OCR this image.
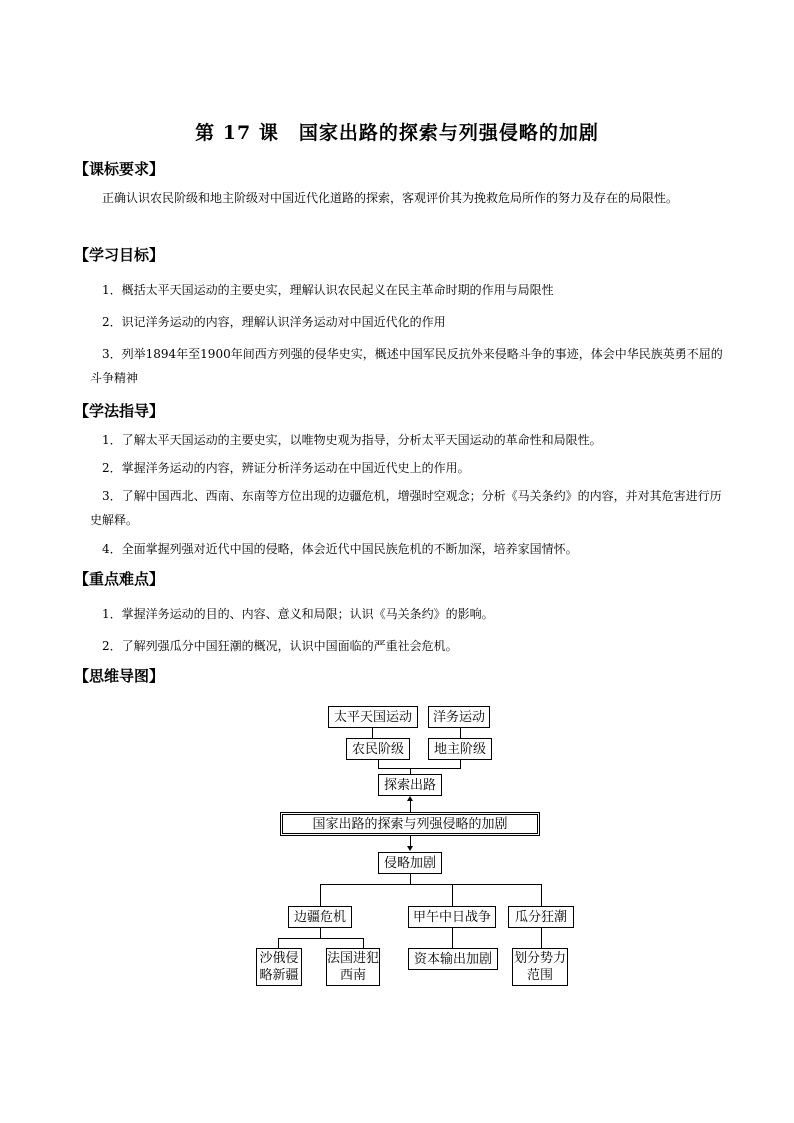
第 17 课　国家出路的探索与列强侵略的加剧
【课标要求】
正确认识农民阶级和地主阶级对中国近代化道路的探索，客观评价其为挽救危局所作的努力及存在的局限性。
【学习目标】
1．概括太平天国运动的主要史实，理解认识农民起义在民主革命时期的作用与局限性
2．识记洋务运动的内容，理解认识洋务运动对中国近代化的作用
3．列举1894年至1900年间西方列强的侵华史实，概述中国军民反抗外来侵略斗争的事迹，体会中华民族英勇不屈的斗争精神
【学法指导】
1．了解太平天国运动的主要史实，以唯物史观为指导，分析太平天国运动的革命性和局限性。
2．掌握洋务运动的内容，辨证分析洋务运动在中国近代史上的作用。
3．了解中国西北、西南、东南等方位出现的边疆危机，增强时空观念；分析《马关条约》的内容，并对其危害进行历史解释。
4．全面掌握列强对近代中国的侵略，体会近代中国民族危机的不断加深，培养家国情怀。
【重点难点】
1．掌握洋务运动的目的、内容、意义和局限；认识《马关条约》的影响。
2．了解列强瓜分中国狂潮的概况，认识中国面临的严重社会危机。
【思维导图】
太平天国运动	洋务运动
农民阶级	地主阶级
探索出路
国家出路的探索与列强侵略的加剧
侵略加剧
边疆危机	甲午中日战争	瓜分狂潮
沙俄侵略新疆
法国进犯西南
资本输出加剧	划分势力范围
